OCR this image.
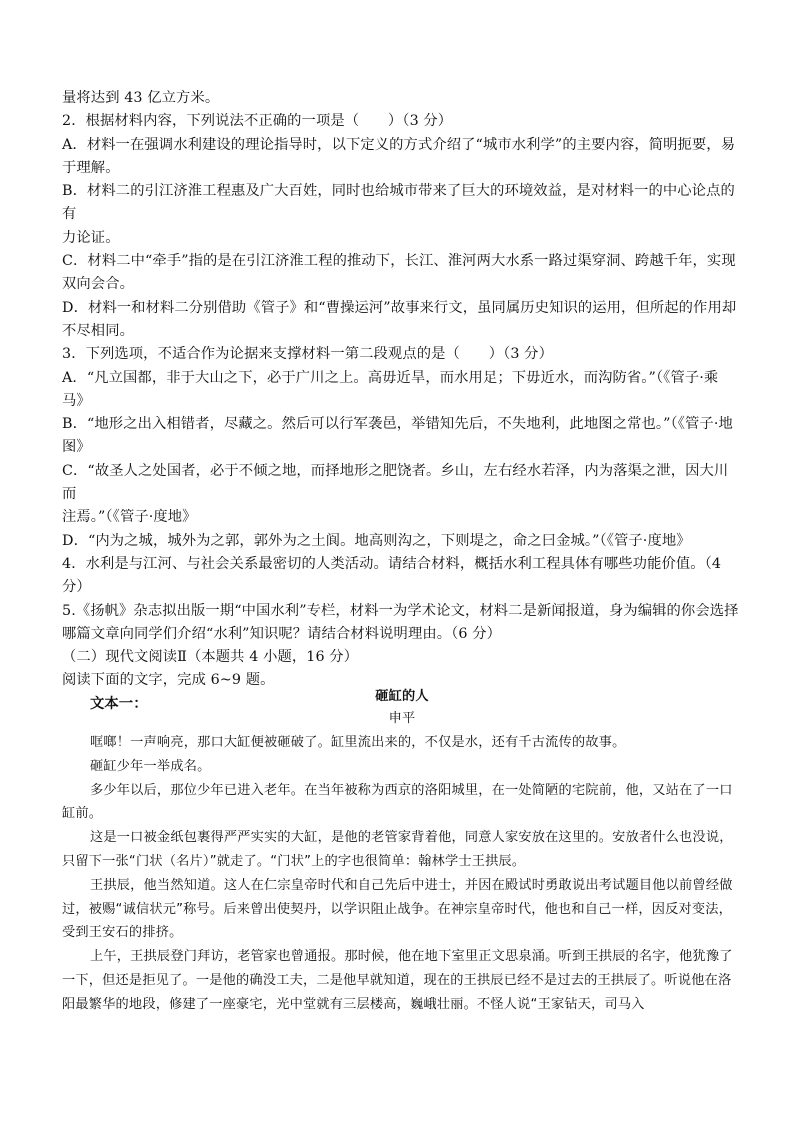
量将达到 43 亿立方米。

2．根据材料内容，下列说法不正确的一项是（　　）（3 分）

A．材料一在强调水利建设的理论指导时，以下定义的方式介绍了“城市水利学”的主要内容，简明扼要，易

于理解。

B．材料二的引江济淮工程惠及广大百姓，同时也给城市带来了巨大的环境效益，是对材料一的中心论点的有

力论证。

C．材料二中“牵手”指的是在引江济淮工程的推动下，长江、淮河两大水系一路过渠穿洞、跨越千年，实现

双向会合。

D．材料一和材料二分别借助《管子》和“曹操运河”故事来行文，虽同属历史知识的运用，但所起的作用却

不尽相同。

3．下列选项，不适合作为论据来支撑材料一第二段观点的是（　　）（3 分）

A．“凡立国都，非于大山之下，必于广川之上。高毋近旱，而水用足；下毋近水，而沟防省。”（《管子·乘

马》

B．“地形之出入相错者，尽藏之。然后可以行军袭邑，举错知先后，不失地利，此地图之常也。”（《管子·地

图》

C．“故圣人之处国者，必于不倾之地，而择地形之肥饶者。乡山，左右经水若泽，内为落渠之泄，因大川而

注焉。”（《管子·度地》

D．“内为之城，城外为之郭，郭外为之土阆。地高则沟之，下则堤之，命之曰金城。”（《管子·度地》

4．水利是与江河、与社会关系最密切的人类活动。请结合材料，概括水利工程具体有哪些功能价值。（4 分）

5.《扬帆》杂志拟出版一期“中国水利”专栏，材料一为学术论文，材料二是新闻报道，身为编辑的你会选择

哪篇文章向同学们介绍“水利”知识呢？请结合材料说明理由。（6 分）

（二）现代文阅读Ⅱ（本题共 4 小题，16 分）

阅读下面的文字，完成 6~9 题。

文本一：	砸缸的人

申平

哐啷！一声响亮，那口大缸便被砸破了。缸里流出来的，不仅是水，还有千古流传的故事。

砸缸少年一举成名。

多少年以后，那位少年已进入老年。在当年被称为西京的洛阳城里，在一处简陋的宅院前，他，又站在了一口缸前。

这是一口被金纸包裹得严严实实的大缸，是他的老管家背着他，同意人家安放在这里的。安放者什么也没说，只留下一张“门状（名片）”就走了。“门状”上的字也很简单：翰林学士王拱辰。

王拱辰，他当然知道。这人在仁宗皇帝时代和自己先后中进士，并因在殿试时勇敢说出考试题目他以前曾经做过，被赐“诚信状元”称号。后来曾出使契丹，以学识阻止战争。在神宗皇帝时代，他也和自己一样，因反对变法，受到王安石的排挤。

上午，王拱辰登门拜访，老管家也曾通报。那时候，他在地下室里正文思泉涌。听到王拱辰的名字，他犹豫了一下，但还是拒见了。一是他的确没工夫，二是他早就知道，现在的王拱辰已经不是过去的王拱辰了。听说他在洛阳最繁华的地段，修建了一座豪宅，光中堂就有三层楼高，巍峨壮丽。不怪人说“王家钻天，司马入
